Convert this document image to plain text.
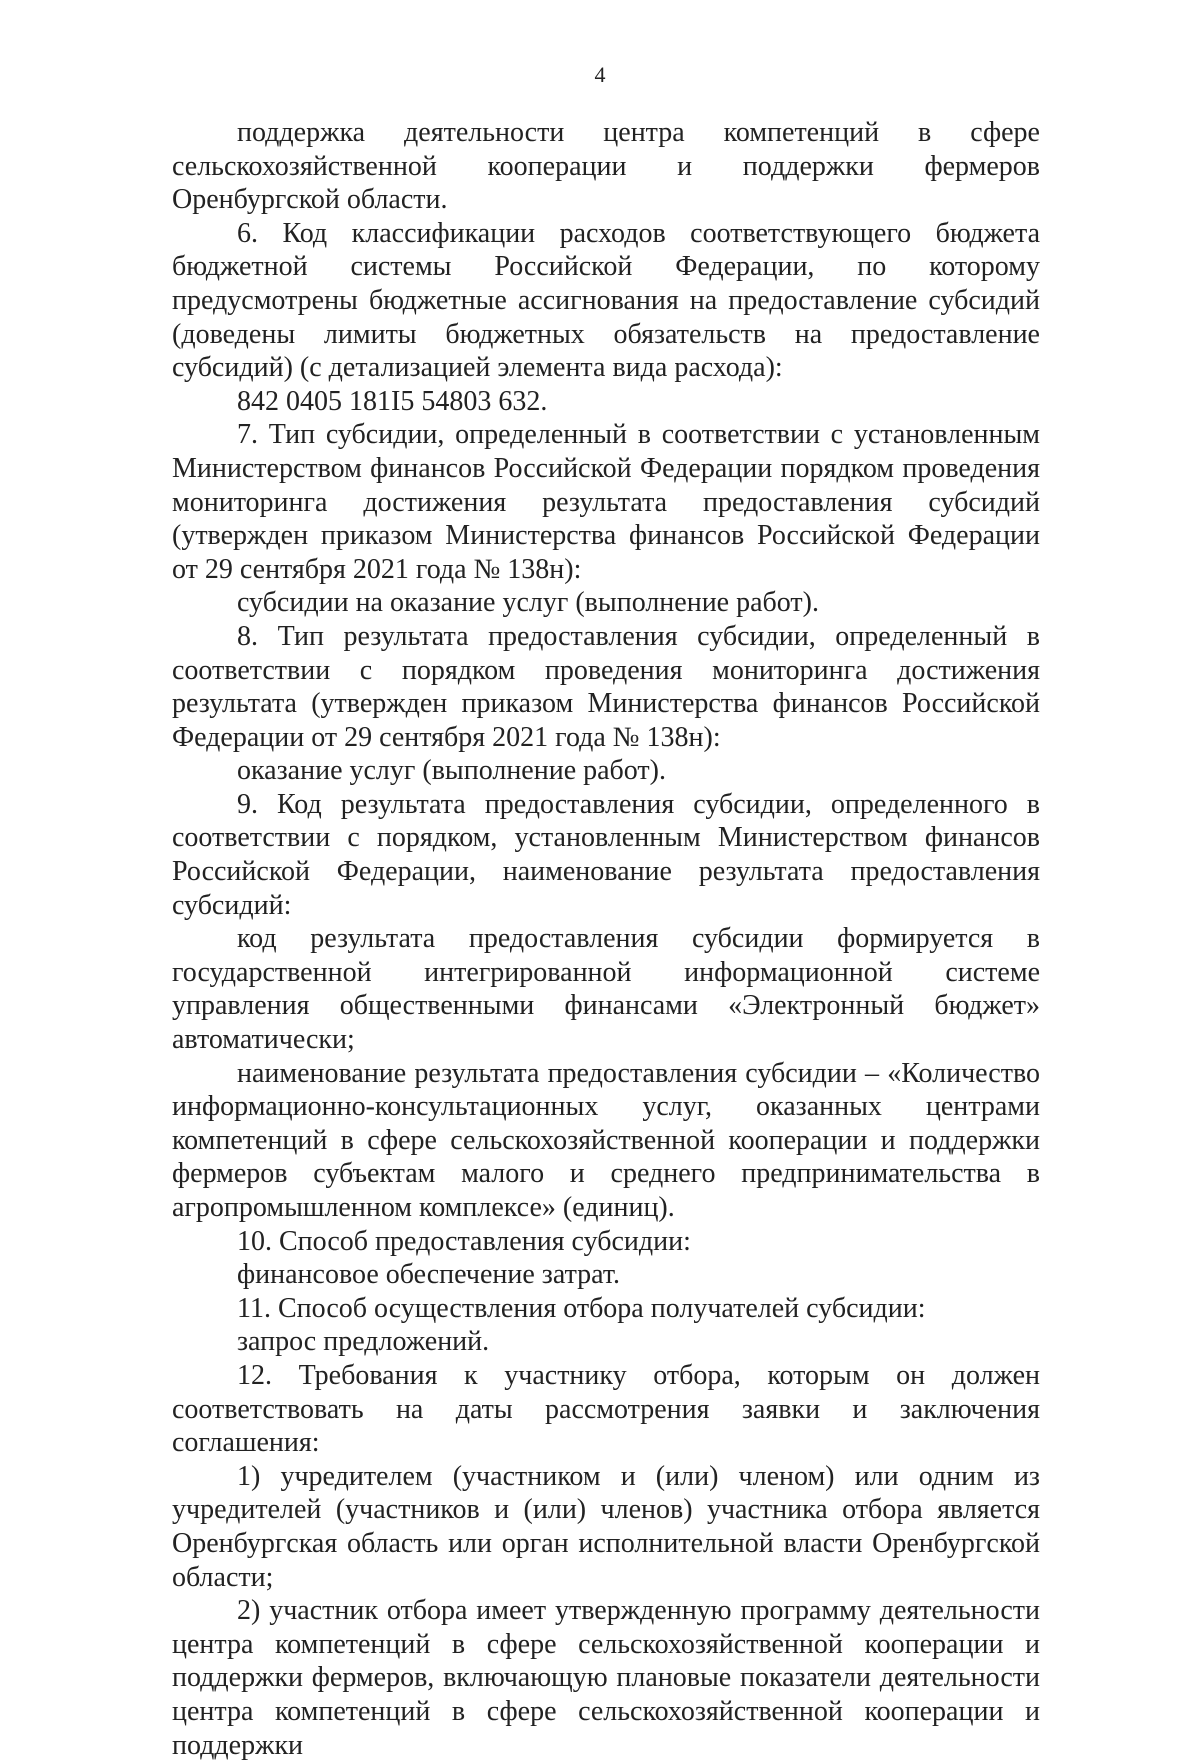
4

поддержка деятельности центра компетенций в сфере сельскохозяйственной кооперации и поддержки фермеров Оренбургской области.

6. Код классификации расходов соответствующего бюджета бюджетной системы Российской Федерации, по которому предусмотрены бюджетные ассигнования на предоставление субсидий (доведены лимиты бюджетных обязательств на предоставление субсидий) (с детализацией элемента вида расхода):

842 0405 181I5 54803 632.

7. Тип субсидии, определенный в соответствии с установленным Министерством финансов Российской Федерации порядком проведения мониторинга достижения результата предоставления субсидий (утвержден приказом Министерства финансов Российской Федерации от 29 сентября 2021 года № 138н):

субсидии на оказание услуг (выполнение работ).

8. Тип результата предоставления субсидии, определенный в соответствии с порядком проведения мониторинга достижения результата (утвержден приказом Министерства финансов Российской Федерации от 29 сентября 2021 года № 138н):

оказание услуг (выполнение работ).

9. Код результата предоставления субсидии, определенного в соответствии с порядком, установленным Министерством финансов Российской Федерации, наименование результата предоставления субсидий:

код результата предоставления субсидии формируется в государственной интегрированной информационной системе управления общественными финансами «Электронный бюджет» автоматически;

наименование результата предоставления субсидии – «Количество информационно-консультационных услуг, оказанных центрами компетенций в сфере сельскохозяйственной кооперации и поддержки фермеров субъектам малого и среднего предпринимательства в агропромышленном комплексе» (единиц).

10. Способ предоставления субсидии:

финансовое обеспечение затрат.

11. Способ осуществления отбора получателей субсидии:

запрос предложений.

12. Требования к участнику отбора, которым он должен соответствовать на даты рассмотрения заявки и заключения соглашения:

1) учредителем (участником и (или) членом) или одним из учредителей (участников и (или) членов) участника отбора является Оренбургская область или орган исполнительной власти Оренбургской области;

2) участник отбора имеет утвержденную программу деятельности центра компетенций в сфере сельскохозяйственной кооперации и поддержки фермеров, включающую плановые показатели деятельности центра компетенций в сфере сельскохозяйственной кооперации и поддержки
